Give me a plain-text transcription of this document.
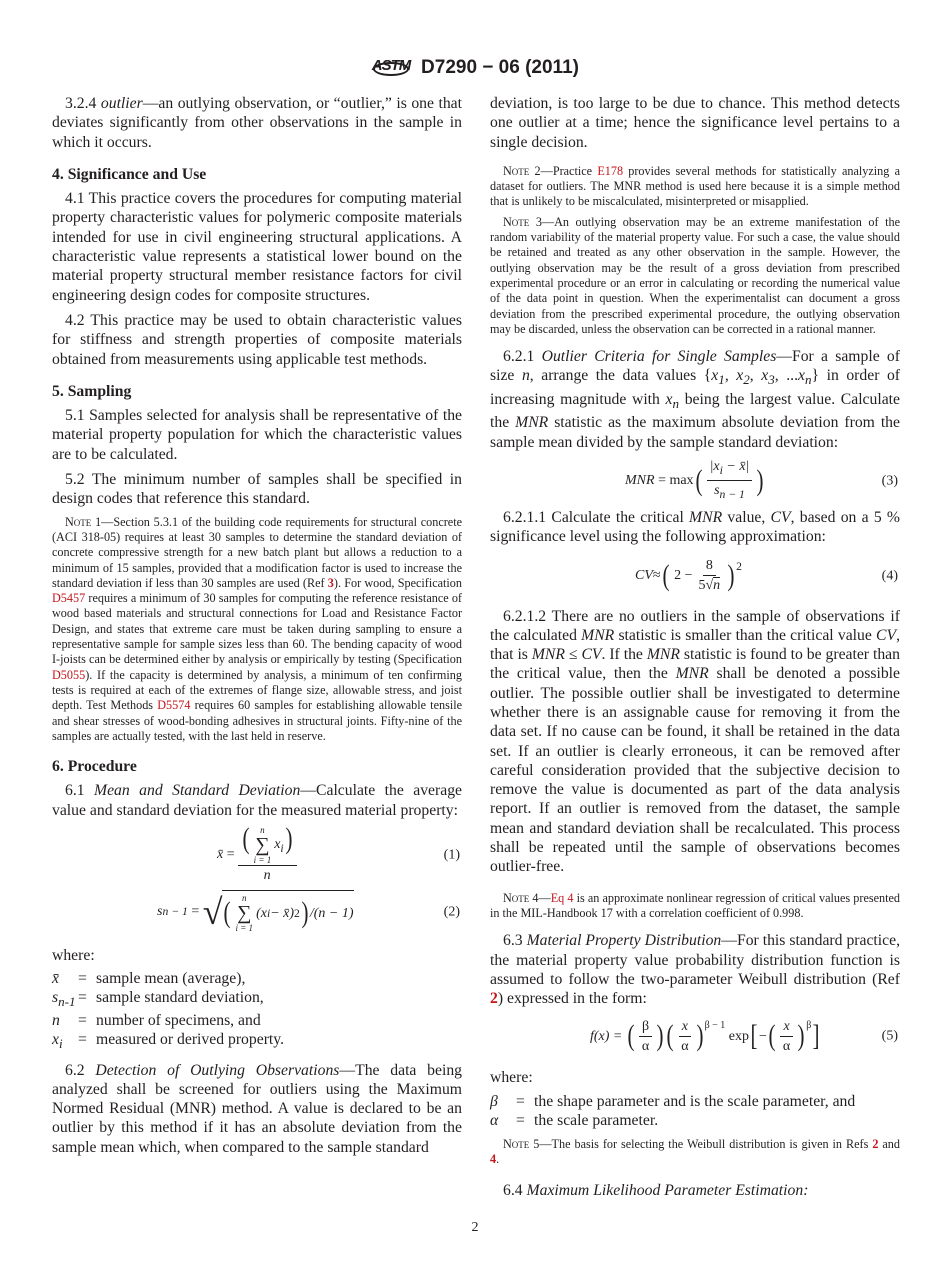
ASTM D7290 − 06 (2011)

3.2.4 outlier—an outlying observation, or “outlier,” is one that deviates significantly from other observations in the sample in which it occurs.

4. Significance and Use

4.1 This practice covers the procedures for computing material property characteristic values for polymeric composite materials intended for use in civil engineering structural applications. A characteristic value represents a statistical lower bound on the material property structural member resistance factors for civil engineering design codes for composite structures.

4.2 This practice may be used to obtain characteristic values for stiffness and strength properties of composite materials obtained from measurements using applicable test methods.

5. Sampling

5.1 Samples selected for analysis shall be representative of the material property population for which the characteristic values are to be calculated.

5.2 The minimum number of samples shall be specified in design codes that reference this standard.

Note 1—Section 5.3.1 of the building code requirements for structural concrete (ACI 318-05) requires at least 30 samples to determine the standard deviation of concrete compressive strength for a new batch plant but allows a reduction to a minimum of 15 samples, provided that a modification factor is used to increase the standard deviation if less than 30 samples are used (Ref 3). For wood, Specification D5457 requires a minimum of 30 samples for computing the reference resistance of wood based materials and structural connections for Load and Resistance Factor Design, and states that extreme care must be taken during sampling to ensure a representative sample for sample sizes less than 60. The bending capacity of wood I-joists can be determined either by analysis or empirically by testing (Specification D5055). If the capacity is determined by analysis, a minimum of ten confirming tests is required at each of the extremes of flange size, allowable stress, and joist depth. Test Methods D5574 requires 60 samples for establishing allowable tensile and shear stresses of wood-bonding adhesives in structural joints. Fifty-nine of the samples are actually tested, with the last held in reserve.

6. Procedure

6.1 Mean and Standard Deviation—Calculate the average value and standard deviation for the measured material property:

x̄
= ( n
∑
i = 1
$x_i$)
n	(1)
s n − 1
=
√ ( n
∑
i = 1
(x i − x̄) 2 ) /(n − 1)	(2)
where:
x̄	= sample mean (average),
$s_{n-1}$ = sample standard deviation,
n	= number of specimens, and
$x_i$ = measured or derived property.

6.2 Detection of Outlying Observations—The data being analyzed shall be screened for outliers using the Maximum Normed Residual (MNR) method. A value is declared to be an outlier by this method if it has an absolute deviation from the sample mean which, when compared to the sample standard

deviation, is too large to be due to chance. This method detects one outlier at a time; hence the significance level pertains to a single decision.

Note 2—Practice E178 provides several methods for statistically analyzing a dataset for outliers. The MNR method is used here because it is a simple method that is unlikely to be miscalculated, misinterpreted or misapplied.

Note 3—An outlying observation may be an extreme manifestation of the random variability of the material property value. For such a case, the value should be retained and treated as any other observation in the sample. However, the outlying observation may be the result of a gross deviation from prescribed experimental procedure or an error in calculating or recording the numerical value of the data point in question. When the experimentalist can document a gross deviation from the prescribed experimental procedure, the outlying observation may be discarded, unless the observation can be corrected in a rational manner.

6.2.1 Outlier Criteria for Single Samples—For a sample of size n, arrange the data values {$x_1$, $x_2$, $x_3$, $...x_n$} in order of increasing magnitude with $x_n$ being the largest value. Calculate the MNR statistic as the maximum absolute deviation from the sample mean divided by the sample standard deviation:

MNR
= max ( $\frac{|x_i - x̄|}{s_{n - 1}}$ )	(3)

6.2.1.1 Calculate the critical MNR value, CV, based on a 5 % significance level using the following approximation:

CV ≈ (
$2 - \frac{8}{5√n} )^2$
(4)

6.2.1.2 There are no outliers in the sample of observations if the calculated MNR statistic is smaller than the critical value CV, that is MNR ≤ CV. If the MNR statistic is found to be greater than the critical value, then the MNR shall be denoted a possible outlier. The possible outlier shall be investigated to determine whether there is an assignable cause for removing it from the data set. If no cause can be found, it shall be retained in the data set. If an outlier is clearly erroneous, it can be removed after careful consideration provided that the subjective decision to remove the value is documented as part of the data analysis report. If an outlier is removed from the dataset, the sample mean and standard deviation shall be recalculated. This process shall be repeated until the sample of observations becomes outlier-free.

Note 4—Eq 4 is an approximate nonlinear regression of critical values presented in the MIL-Handbook 17 with a correlation coefficient of 0.998.

6.3 Material Property Distribution—For this standard practice, the material property value probability distribution function is assumed to follow the two-parameter Weibull distribution (Ref 2) expressed in the form:

f(x) =
( $\frac{\beta}{\alpha}$ ) ( $\frac{x}{\alpha} )^{\beta - 1}$

exp [ − ( $\frac{x}{\alpha} )^\beta$ ]	(5)
where:
β	= the shape parameter and is the scale parameter, and
α	= the scale parameter.

Note 5—The basis for selecting the Weibull distribution is given in Refs 2 and 4.

6.4 Maximum Likelihood Parameter Estimation:

2
